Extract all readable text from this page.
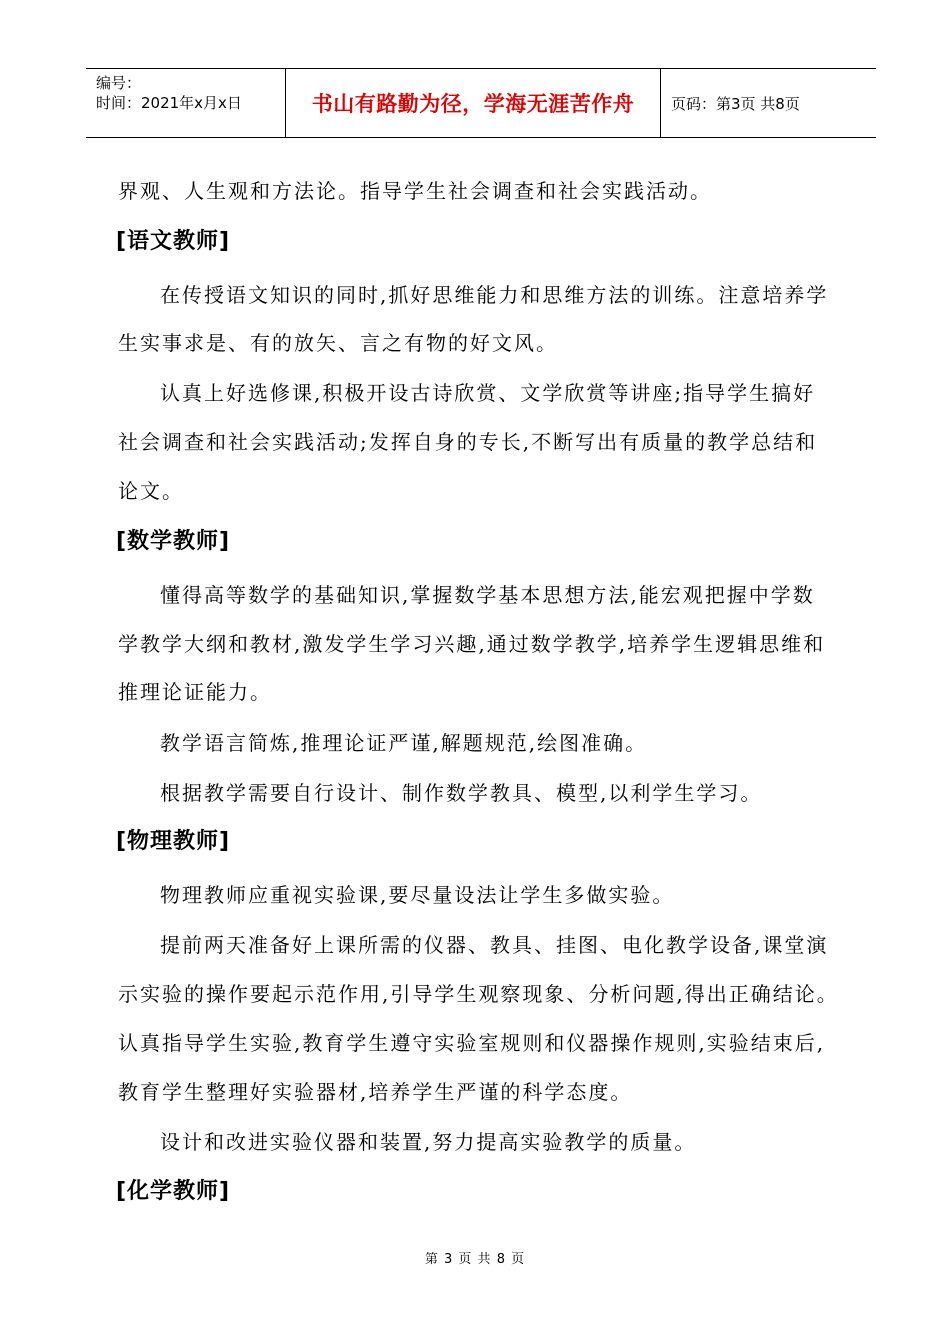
编号：
时间：2021年x月x日	书山有路勤为径，学海无涯苦作舟	页码：第3页 共8页

界观、人生观和方法论。指导学生社会调查和社会实践活动。

[语文教师]

在传授语文知识的同时,抓好思维能力和思维方法的训练。注意培养学

生实事求是、有的放矢、言之有物的好文风。

认真上好选修课,积极开设古诗欣赏、文学欣赏等讲座;指导学生搞好

社会调查和社会实践活动;发挥自身的专长,不断写出有质量的教学总结和

论文。

[数学教师]

懂得高等数学的基础知识,掌握数学基本思想方法,能宏观把握中学数

学教学大纲和教材,激发学生学习兴趣,通过数学教学,培养学生逻辑思维和

推理论证能力。

教学语言简炼,推理论证严谨,解题规范,绘图准确。

根据教学需要自行设计、制作数学教具、模型,以利学生学习。

[物理教师]

物理教师应重视实验课,要尽量设法让学生多做实验。

提前两天准备好上课所需的仪器、教具、挂图、电化教学设备,课堂演

示实验的操作要起示范作用,引导学生观察现象、分析问题,得出正确结论。

认真指导学生实验,教育学生遵守实验室规则和仪器操作规则,实验结束后,

教育学生整理好实验器材,培养学生严谨的科学态度。

设计和改进实验仪器和装置,努力提高实验教学的质量。

[化学教师]

第 3 页 共 8 页
